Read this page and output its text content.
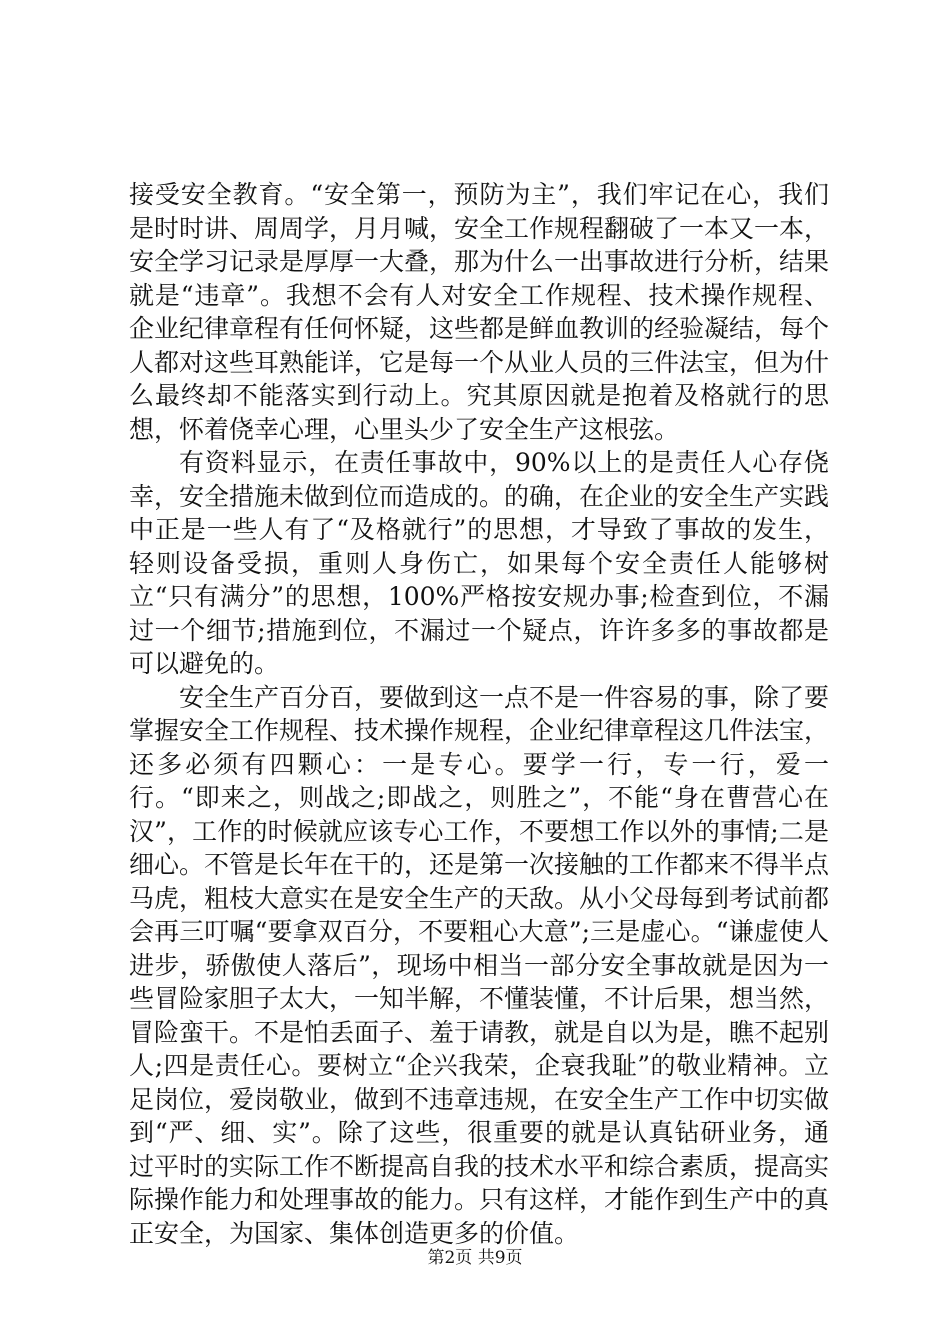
接受安全教育。“安全第一，预防为主”，我们牢记在心，我们是时时讲、周周学，月月喊，安全工作规程翻破了一本又一本，安全学习记录是厚厚一大叠，那为什么一出事故进行分析，结果就是“违章”。我想不会有人对安全工作规程、技术操作规程、企业纪律章程有任何怀疑，这些都是鲜血教训的经验凝结，每个人都对这些耳熟能详，它是每一个从业人员的三件法宝，但为什么最终却不能落实到行动上。究其原因就是抱着及格就行的思想，怀着侥幸心理，心里头少了安全生产这根弦。

有资料显示，在责任事故中，90%以上的是责任人心存侥幸，安全措施未做到位而造成的。的确，在企业的安全生产实践中正是一些人有了“及格就行”的思想，才导致了事故的发生，轻则设备受损，重则人身伤亡，如果每个安全责任人能够树立“只有满分”的思想，100%严格按安规办事;检查到位，不漏过一个细节;措施到位，不漏过一个疑点，许许多多的事故都是可以避免的。

安全生产百分百，要做到这一点不是一件容易的事，除了要掌握安全工作规程、技术操作规程，企业纪律章程这几件法宝，还多必须有四颗心：一是专心。要学一行，专一行，爱一行。“即来之，则战之;即战之，则胜之”，不能“身在曹营心在汉”，工作的时候就应该专心工作，不要想工作以外的事情;二是细心。不管是长年在干的，还是第一次接触的工作都来不得半点马虎，粗枝大意实在是安全生产的天敌。从小父母每到考试前都会再三叮嘱“要拿双百分，不要粗心大意”;三是虚心。“谦虚使人进步，骄傲使人落后”，现场中相当一部分安全事故就是因为一些冒险家胆子太大，一知半解，不懂装懂，不计后果，想当然，冒险蛮干。不是怕丢面子、羞于请教，就是自以为是，瞧不起别人;四是责任心。要树立“企兴我荣，企衰我耻”的敬业精神。立足岗位，爱岗敬业，做到不违章违规，在安全生产工作中切实做到“严、细、实”。除了这些，很重要的就是认真钻研业务，通过平时的实际工作不断提高自我的技术水平和综合素质，提高实际操作能力和处理事故的能力。只有这样，才能作到生产中的真正安全，为国家、集体创造更多的价值。

第2页 共9页
